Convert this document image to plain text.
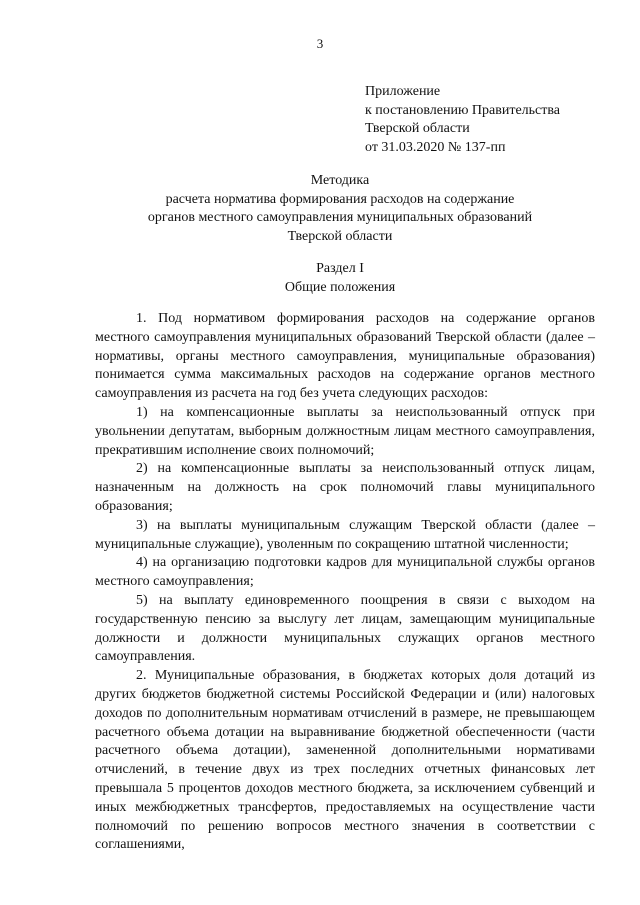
3
Приложение
к постановлению Правительства
Тверской области
от 31.03.2020 № 137-пп
Методика
расчета норматива формирования расходов на содержание
органов местного самоуправления муниципальных образований
Тверской области
Раздел I
Общие положения

1. Под нормативом формирования расходов на содержание органов местного самоуправления муниципальных образований Тверской области (далее – нормативы, органы местного самоуправления, муниципальные образования) понимается сумма максимальных расходов на содержание органов местного самоуправления из расчета на год без учета следующих расходов:

1) на компенсационные выплаты за неиспользованный отпуск при увольнении депутатам, выборным должностным лицам местного самоуправления, прекратившим исполнение своих полномочий;

2) на компенсационные выплаты за неиспользованный отпуск лицам, назначенным на должность на срок полномочий главы муниципального образования;

3) на выплаты муниципальным служащим Тверской области (далее – муниципальные служащие), уволенным по сокращению штатной численности;

4) на организацию подготовки кадров для муниципальной службы органов местного самоуправления;

5) на выплату единовременного поощрения в связи с выходом на государственную пенсию за выслугу лет лицам, замещающим муниципальные должности и должности муниципальных служащих органов местного самоуправления.

2. Муниципальные образования, в бюджетах которых доля дотаций из других бюджетов бюджетной системы Российской Федерации и (или) налоговых доходов по дополнительным нормативам отчислений в размере, не превышающем расчетного объема дотации на выравнивание бюджетной обеспеченности (части расчетного объема дотации), замененной дополнительными нормативами отчислений, в течение двух из трех последних отчетных финансовых лет превышала 5 процентов доходов местного бюджета, за исключением субвенций и иных межбюджетных трансфертов, предоставляемых на осуществление части полномочий по решению вопросов местного значения в соответствии с соглашениями,
